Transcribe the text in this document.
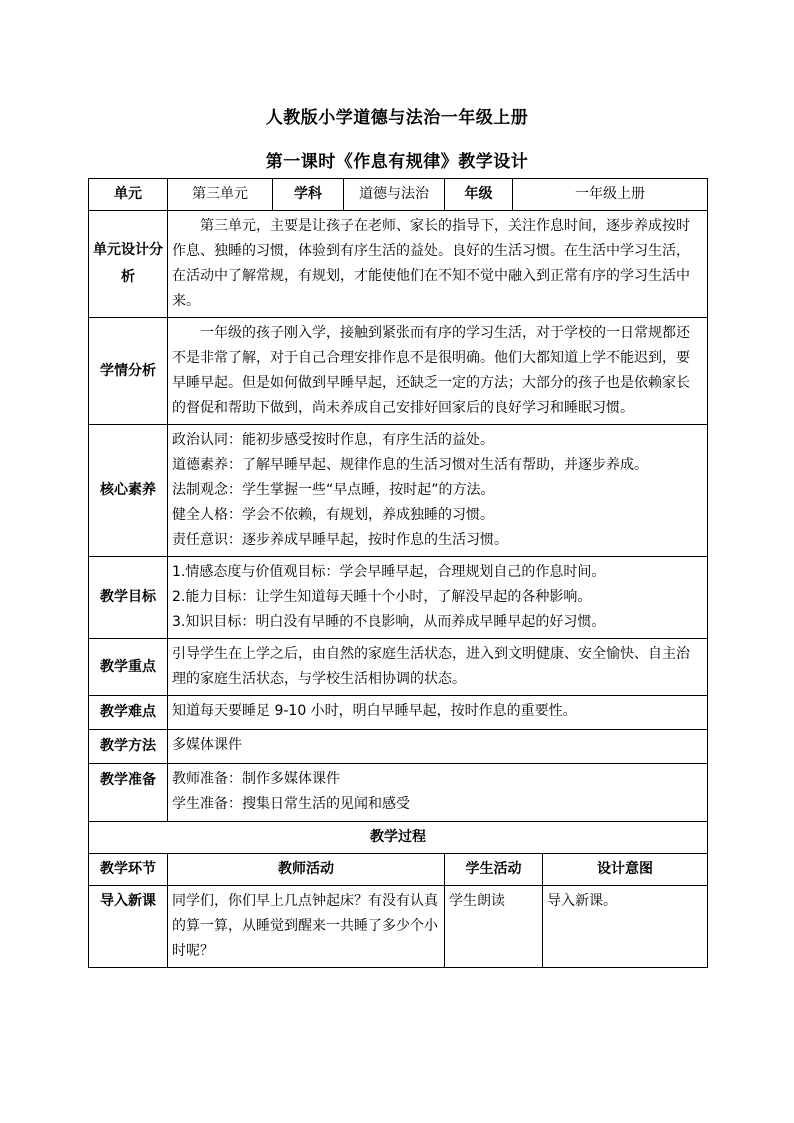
人教版小学道德与法治一年级上册
第一课时《作息有规律》教学设计
单元	第三单元	学科	道德与法治	年级	一年级上册	
单元设计分析	第三单元，主要是让孩子在老师、家长的指导下，关注作息时间，逐步养成按时作息、独睡的习惯，体验到有序生活的益处。良好的生活习惯。在生活中学习生活，在活动中了解常规，有规划，才能使他们在不知不觉中融入到正常有序的学习生活中来。					
学情分析	一年级的孩子刚入学，接触到紧张而有序的学习生活，对于学校的一日常规都还不是非常了解，对于自己合理安排作息不是很明确。他们大都知道上学不能迟到，要早睡早起。但是如何做到早睡早起，还缺乏一定的方法；大部分的孩子也是依赖家长的督促和帮助下做到，尚未养成自己安排好回家后的良好学习和睡眠习惯。					
核心素养	政治认同：能初步感受按时作息，有序生活的益处。
道德素养：了解早睡早起、规律作息的生活习惯对生活有帮助，并逐步养成。
法制观念：学生掌握一些“早点睡，按时起”的方法。
健全人格：学会不依赖，有规划，养成独睡的习惯。
责任意识：逐步养成早睡早起，按时作息的生活习惯。					

教学目标	1.情感态度与价值观目标：学会早睡早起，合理规划自己的作息时间。
2.能力目标：让学生知道每天睡十个小时，了解没早起的各种影响。
3.知识目标：明白没有早睡的不良影响，从而养成早睡早起的好习惯。					

教学重点	引导学生在上学之后，由自然的家庭生活状态，进入到文明健康、安全愉快、自主治理的家庭生活状态，与学校生活相协调的状态。					
教学难点	知道每天要睡足 9-10 小时，明白早睡早起，按时作息的重要性。					
教学方法	多媒体课件					
教学准备	教师准备：制作多媒体课件
学生准备：搜集日常生活的见闻和感受					

教学过程						
教学环节	教师活动			学生活动		设计意图
导入新课	同学们，你们早上几点钟起床？有没有认真的算一算，从睡觉到醒来一共睡了多少个小时呢？			学生朗读		导入新课。
